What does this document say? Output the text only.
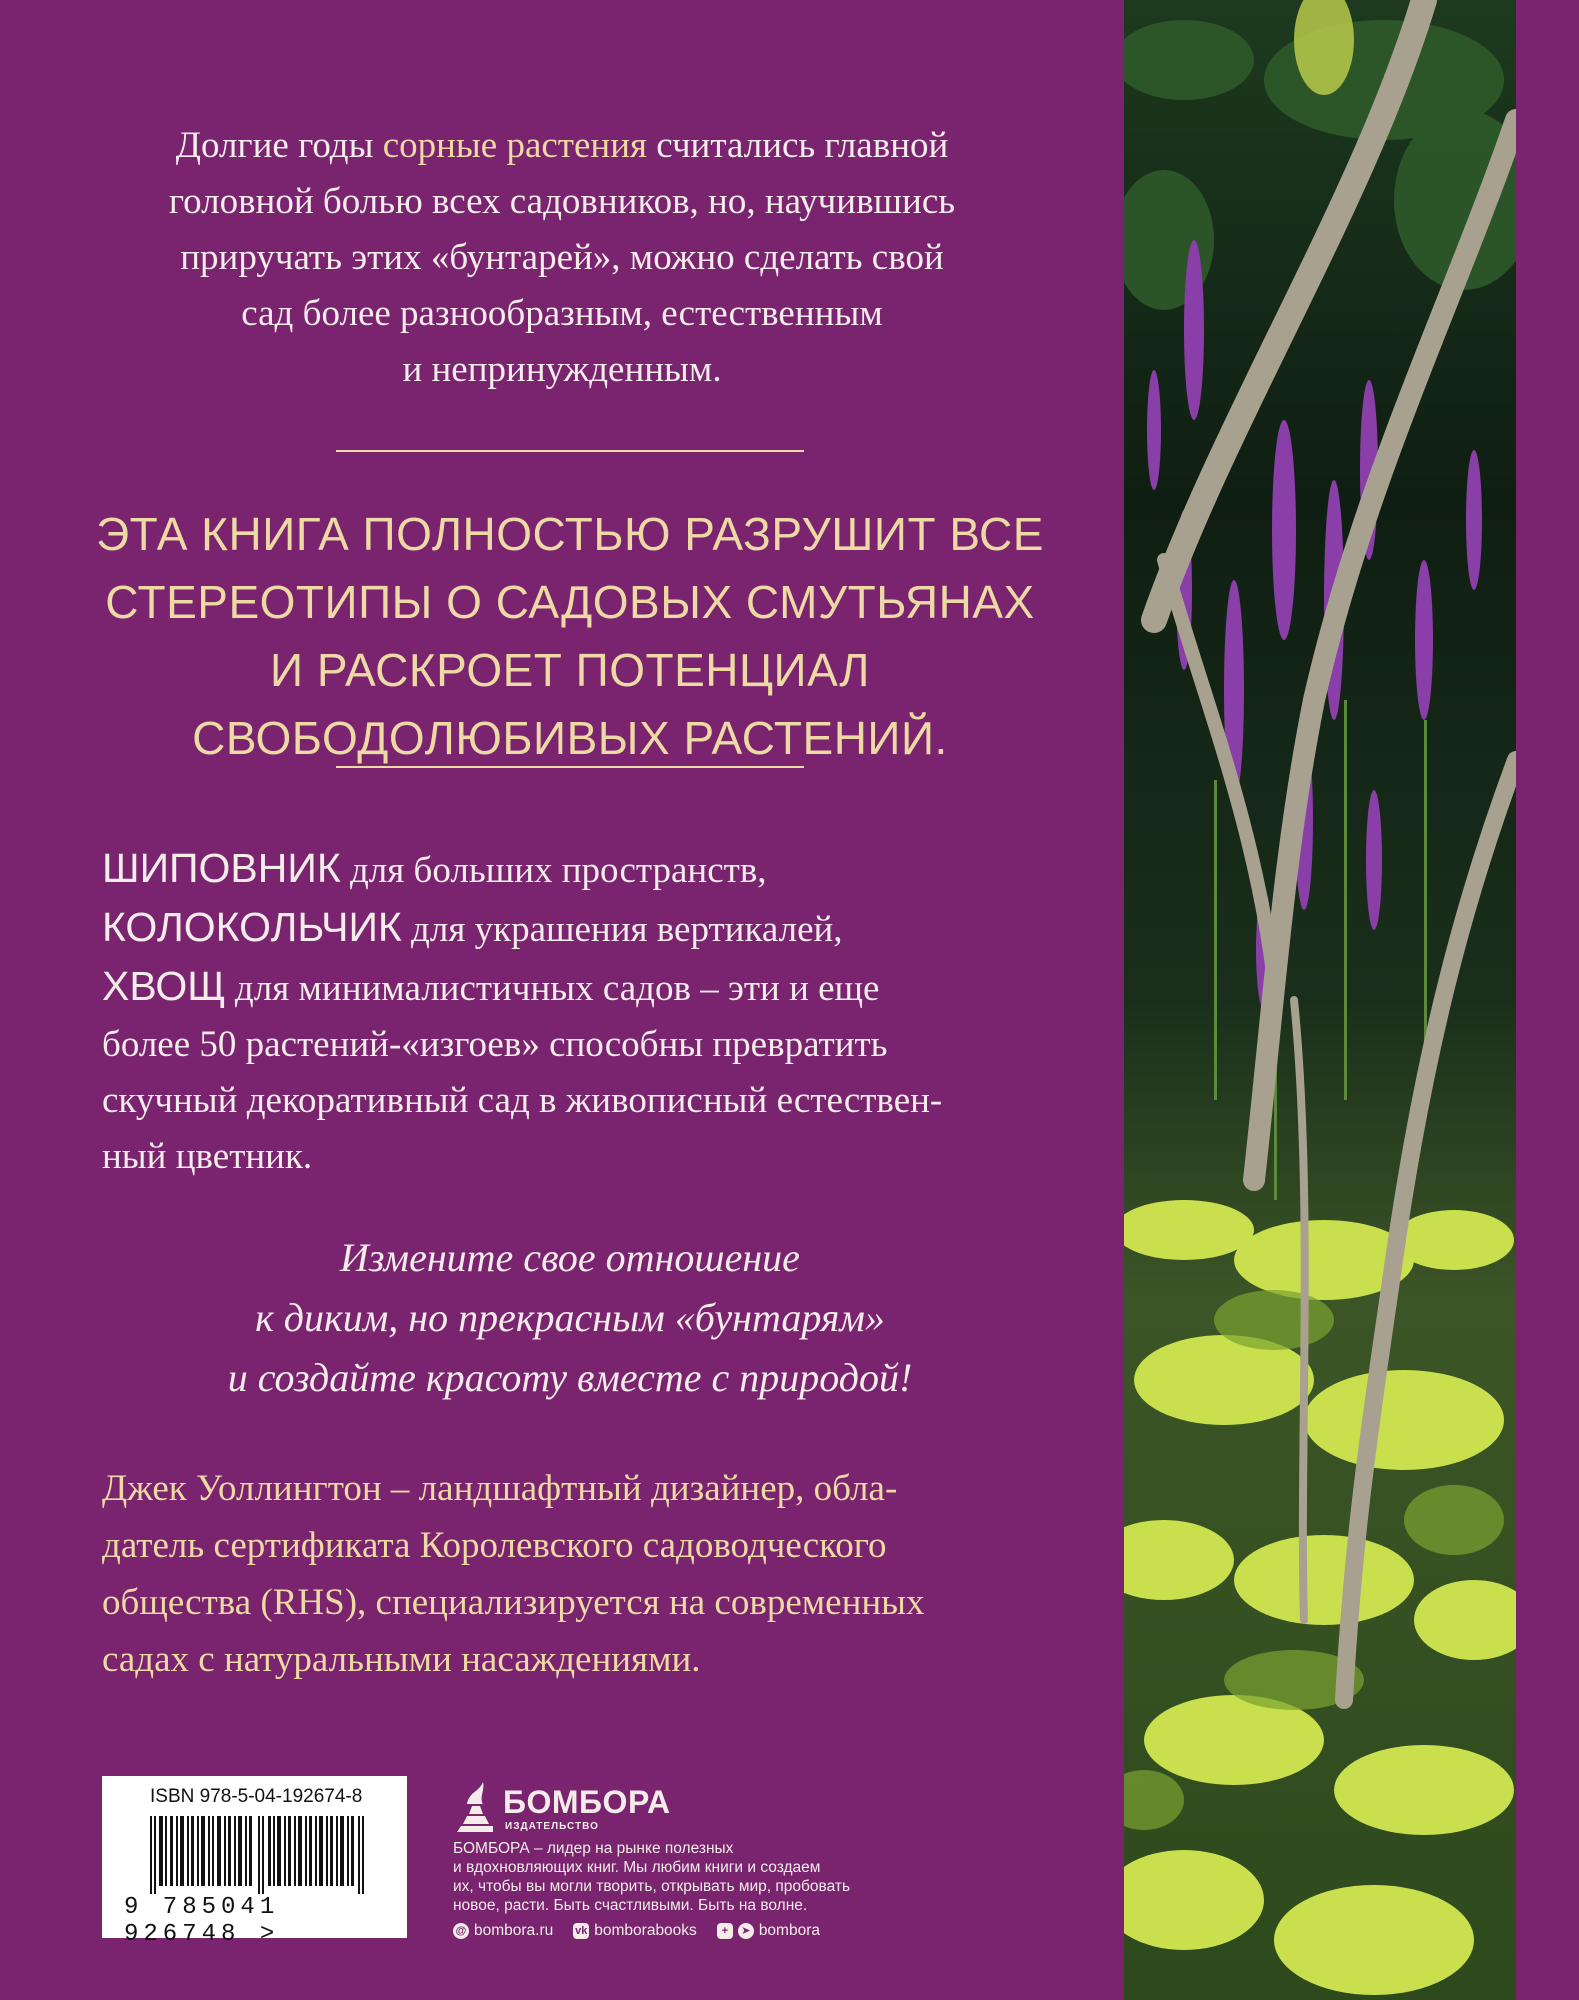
Долгие годы сорные растения считались главной
головной болью всех садовников, но, научившись
приручать этих «бунтарей», можно сделать свой
сад более разнообразным, естественным
и непринужденным.
ЭТА КНИГА ПОЛНОСТЬЮ РАЗРУШИТ ВСЕ
СТЕРЕОТИПЫ О САДОВЫХ СМУТЬЯНАХ
И РАСКРОЕТ ПОТЕНЦИАЛ
СВОБОДОЛЮБИВЫХ РАСТЕНИЙ.
ШИПОВНИК для больших пространств,
КОЛОКОЛЬЧИК для украшения вертикалей,
ХВОЩ для минималистичных садов – эти и еще
более 50 растений-«изгоев» способны превратить
скучный декоративный сад в живописный естествен-
ный цветник.
Измените свое отношение
к диким, но прекрасным «бунтарям»
и создайте красоту вместе с природой!
Джек Уоллингтон – ландшафтный дизайнер, обла-
датель сертификата Королевского садоводческого
общества (RHS), специализируется на современных
садах с натуральными насаждениями.
ISBN 978-5-04-192674-8
9 785041 926748 >
БОМБОРА
ИЗДАТЕЛЬСТВО
БОМБОРА – лидер на рынке полезных
и вдохновляющих книг. Мы любим книги и создаем
их, чтобы вы могли творить, открывать мир, пробовать
новое, расти. Быть счастливыми. Быть на волне.
@ bombora.ru vk bomborabooks	+	➤ bombora
